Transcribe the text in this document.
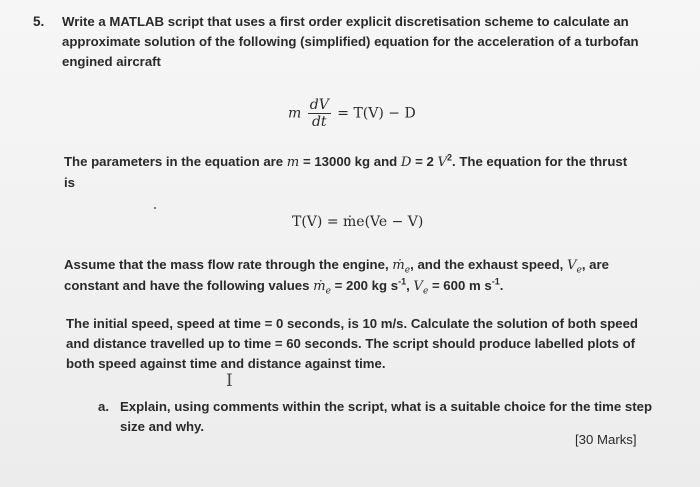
5. Write a MATLAB script that uses a first order explicit discretisation scheme to calculate an
approximate solution of the following (simplified) equation for the acceleration of a turbofan
engined aircraft
m $\frac{dV}{dt} = T(V) - D$
The parameters in the equation are m = 13000 kg and D = 2 $V^2$. The equation for the thrust
is
T(V) = ṁe(Ve − V)
Assume that the mass flow rate through the engine, ṁ$_e$, and the exhaust speed, $V_e$, are
constant and have the following values ṁ$_e$ = 200 kg $s^{-1}$, $V_e = 600$ m $s^{-1}$.
The initial speed, speed at time = 0 seconds, is 10 m/s. Calculate the solution of both speed
and distance travelled up to time = 60 seconds. The script should produce labelled plots of
both speed against time and distance against time.
I
a. Explain, using comments within the script, what is a suitable choice for the time step
size and why.
[30 Marks]
